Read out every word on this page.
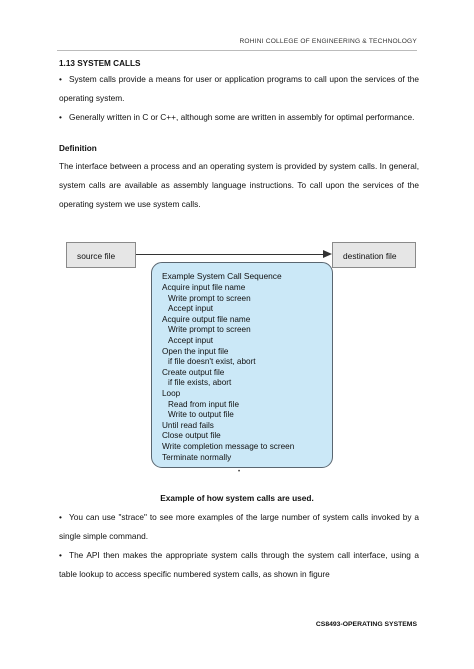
ROHINI COLLEGE OF ENGINEERING & TECHNOLOGY
1.13 SYSTEM CALLS
• System calls provide a means for user or application programs to call upon the services of the operating system.
• Generally written in C or C++, although some are written in assembly for optimal performance.
Definition
The interface between a process and an operating system is provided by system calls. In general, system calls are available as assembly language instructions. To call upon the services of the operating system we use system calls.
source file	destination file
Example System Call Sequence
Acquire input file name
Write prompt to screen
Accept input
Acquire output file name
Write prompt to screen
Accept input
Open the input file
if file doesn't exist, abort
Create output file
if file exists, abort
Loop
Read from input file
Write to output file
Until read fails
Close output file
Write completion message to screen
Terminate normally
•
Example of how system calls are used.
• You can use "strace" to see more examples of the large number of system calls invoked by a single simple command.
• The API then makes the appropriate system calls through the system call interface, using a table lookup to access specific numbered system calls, as shown in figure
CS8493-OPERATING SYSTEMS
